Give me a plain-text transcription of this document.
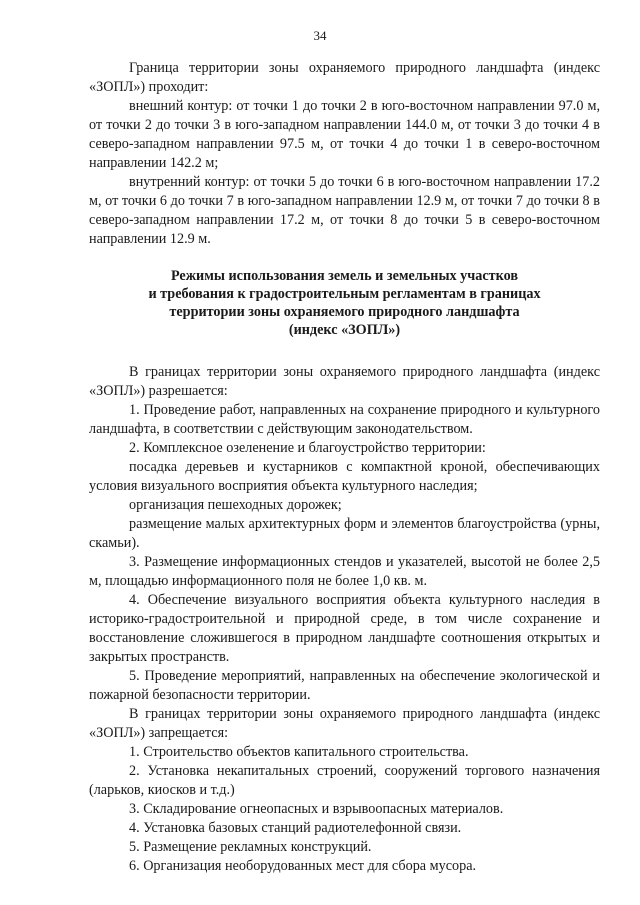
34

Граница территории зоны охраняемого природного ландшафта (индекс «ЗОПЛ») проходит:

внешний контур: от точки 1 до точки 2 в юго-восточном направлении 97.0 м, от точки 2 до точки 3 в юго-западном направлении 144.0 м, от точки 3 до точки 4 в северо-западном направлении 97.5 м, от точки 4 до точки 1 в северо-восточном направлении 142.2 м;

внутренний контур: от точки 5 до точки 6 в юго-восточном направлении 17.2 м, от точки 6 до точки 7 в юго-западном направлении 12.9 м, от точки 7 до точки 8 в северо-западном направлении 17.2 м, от точки 8 до точки 5 в северо-восточном направлении 12.9 м.

Режимы использования земель и земельных участков
и требования к градостроительным регламентам в границах
территории зоны охраняемого природного ландшафта
(индекс «ЗОПЛ»)

В границах территории зоны охраняемого природного ландшафта (индекс «ЗОПЛ») разрешается:

1. Проведение работ, направленных на сохранение природного и культурного ландшафта, в соответствии с действующим законодательством.

2. Комплексное озеленение и благоустройство территории:

посадка деревьев и кустарников с компактной кроной, обеспечивающих условия визуального восприятия объекта культурного наследия;

организация пешеходных дорожек;

размещение малых архитектурных форм и элементов благоустройства (урны, скамьи).

3. Размещение информационных стендов и указателей, высотой не более 2,5 м, площадью информационного поля не более 1,0 кв. м.

4. Обеспечение визуального восприятия объекта культурного наследия в историко-градостроительной и природной среде, в том числе сохранение и восстановление сложившегося в природном ландшафте соотношения открытых и закрытых пространств.

5. Проведение мероприятий, направленных на обеспечение экологической и пожарной безопасности территории.

В границах территории зоны охраняемого природного ландшафта (индекс «ЗОПЛ») запрещается:

1. Строительство объектов капитального строительства.

2. Установка некапитальных строений, сооружений торгового назначения (ларьков, киосков и т.д.)

3. Складирование огнеопасных и взрывоопасных материалов.

4. Установка базовых станций радиотелефонной связи.

5. Размещение рекламных конструкций.

6. Организация необорудованных мест для сбора мусора.
